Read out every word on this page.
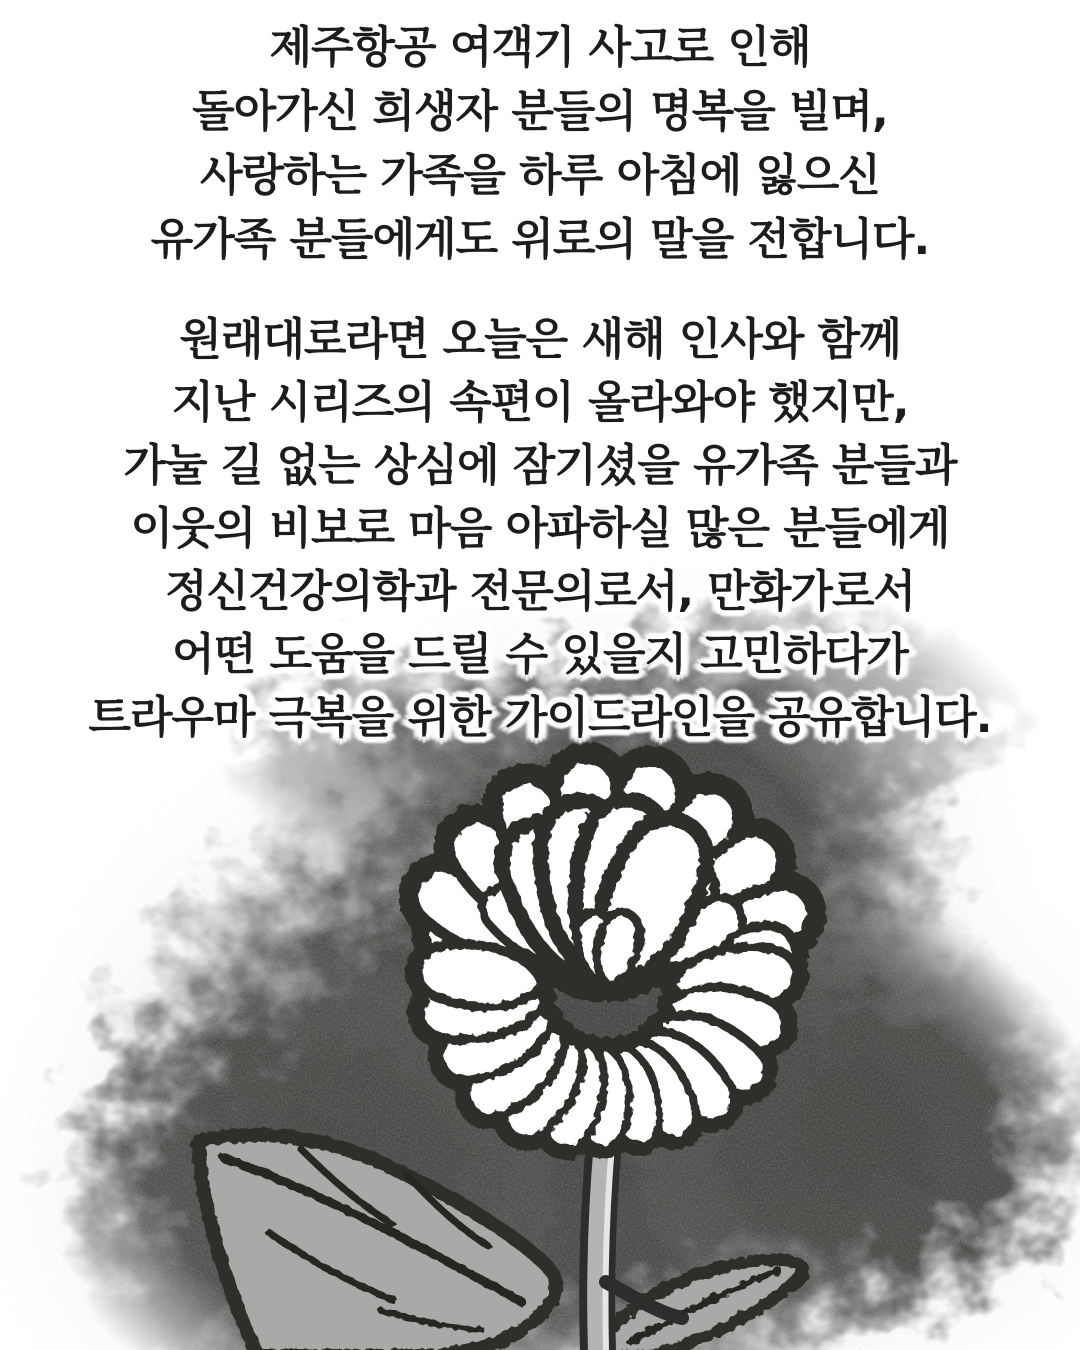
제주항공 여객기 사고로 인해
돌아가신 희생자 분들의 명복을 빌며,
사랑하는 가족을 하루 아침에 잃으신
유가족 분들에게도 위로의 말을 전합니다.
원래대로라면 오늘은 새해 인사와 함께
지난 시리즈의 속편이 올라와야 했지만,
가눌 길 없는 상심에 잠기셨을 유가족 분들과
이웃의 비보로 마음 아파하실 많은 분들에게
정신건강의학과 전문의로서, 만화가로서
어떤 도움을 드릴 수 있을지 고민하다가
트라우마 극복을 위한 가이드라인을 공유합니다.
